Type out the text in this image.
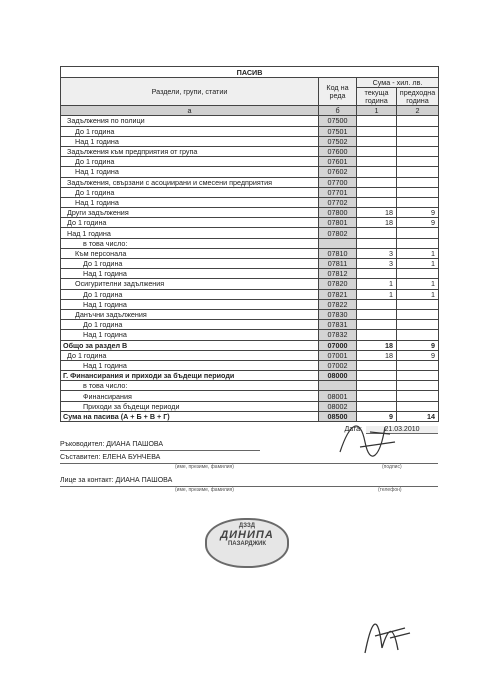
ПАСИВ			
Раздели, групи, статии	Код на реда	Сума - хил. лв.	
		текуща година	предходна година
а	б	1	2
Задължения по полици	07500		
До 1 година	07501		
Над 1 година	07502		
Задължения към предприятия от група	07600		
До 1 година	07601		
Над 1 година	07602		
Задължения, свързани с асоциирани и смесени предприятия	07700		
До 1 година	07701		
Над 1 година	07702		
Други задължения	07800	18	9
До 1 година	07801	18	9
Над 1 година	07802		
в това число:			
Към персонала	07810	3	1
До 1 година	07811	3	1
Над 1 година	07812		
Осигурителни задължения	07820	1	1
До 1 година	07821	1	1
Над 1 година	07822		
Данъчни задължения	07830		
До 1 година	07831		
Над 1 година	07832		
Общо за раздел В	07000	18	9
До 1 година	07001	18	9
Над 1 година	07002		
Г. Финансирания и приходи за бъдещи периоди	08000		
в това число:			
Финансирания	08001		
Приходи за бъдещи периоди	08002		
Сума на пасива (А + Б + В + Г)	08500	9	14
Дата:	21.03.2010
Ръководител: ДИАНА ПАШОВА
Съставител: ЕЛЕНА БУНЧЕВА
(име, презиме, фамилия)	(подпис)
Лице за контакт: ДИАНА ПАШОВА
(име, презиме, фамилия)	(телефон)
ДЗЗД
ДИНИПА
ПАЗАРДЖИК
